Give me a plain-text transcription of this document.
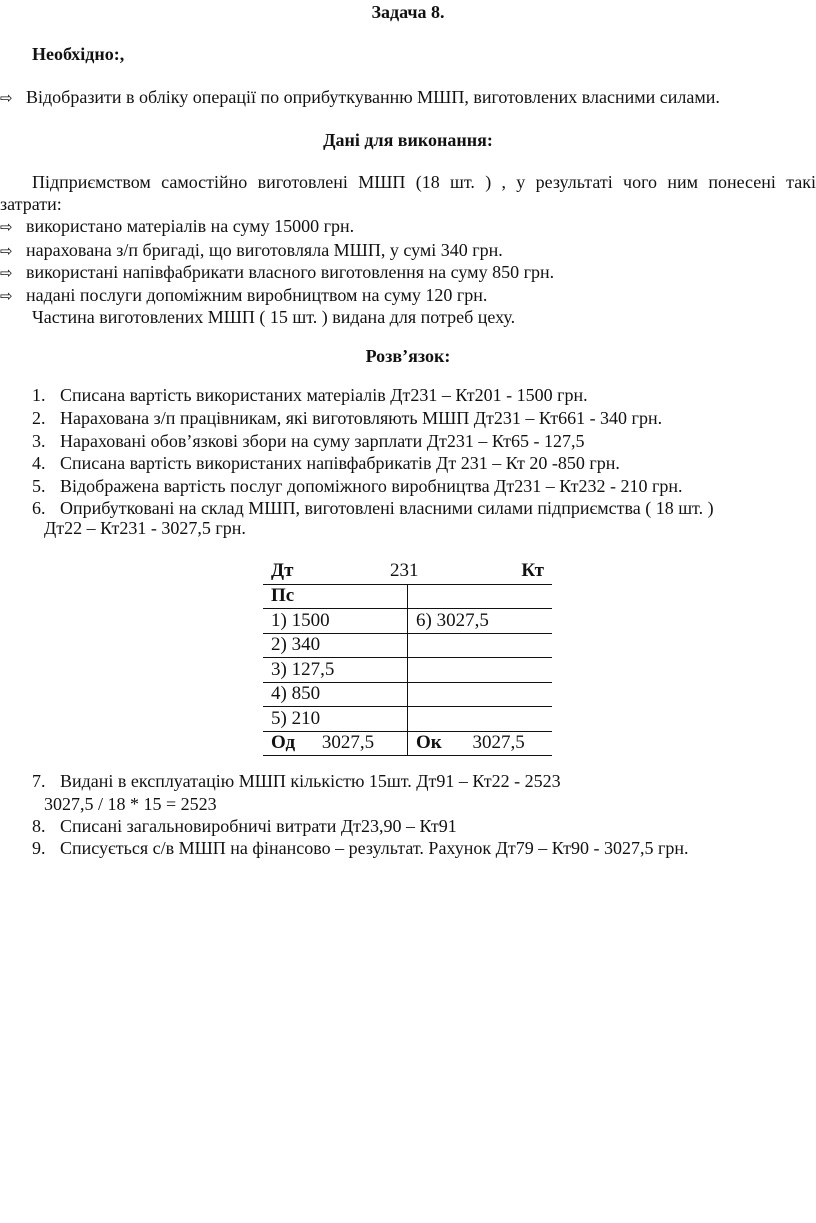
Задача 8.
Необхідно:,
⇨ Відобразити в обліку операції по оприбуткуванню МШП, виготовлених власними силами.
Дані для виконання:
Підприємством самостійно виготовлені МШП (18 шт. ) , у результаті чого ним понесені такі
затрати:
⇨ використано матеріалів на суму 15000 грн.
⇨ нарахована з/п бригаді, що виготовляла МШП, у сумі 340 грн.
⇨ використані напівфабрикати власного виготовлення на суму 850 грн.
⇨ надані послуги допоміжним виробництвом на суму 120 грн.
Частина виготовлених МШП ( 15 шт. ) видана для потреб цеху.
Розв’язок:
1. Списана вартість використаних матеріалів Дт231 – Кт201 - 1500 грн.
2. Нарахована з/п працівникам, які виготовляють МШП Дт231 – Кт661 - 340 грн.
3. Нараховані обов’язкові збори на суму зарплати Дт231 – Кт65 - 127,5
4. Списана вартість використаних напівфабрикатів Дт 231 – Кт 20 -850 грн.
5. Відображена вартість послуг допоміжного виробництва Дт231 – Кт232 - 210 грн.
6. Оприбутковані на склад МШП, виготовлені власними силами підприємства ( 18 шт. )
Дт22 – Кт231 - 3027,5 грн.
Дт 231 Кт	

Пс	
1) 1500	6) 3027,5
2) 340	
3) 127,5	
4) 850	
5) 210	
Од 3027,5	Ок 3027,5
7. Видані в експлуатацію МШП кількістю 15шт. Дт91 – Кт22 - 2523
3027,5 / 18 * 15 = 2523
8. Списані загальновиробничі витрати Дт23,90 – Кт91
9. Списується с/в МШП на фінансово – результат. Рахунок Дт79 – Кт90 - 3027,5 грн.
